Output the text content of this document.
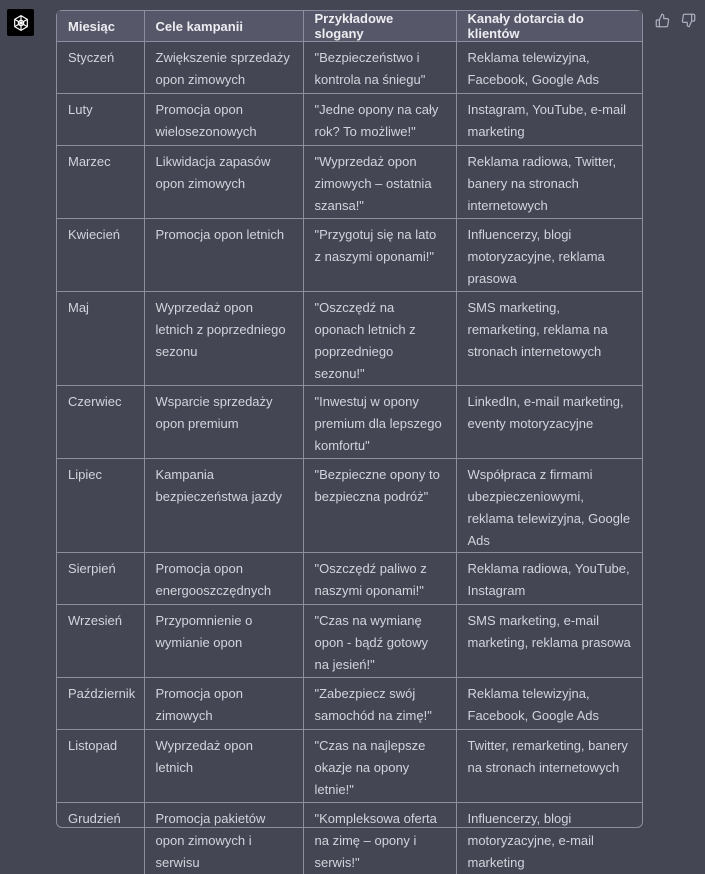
Miesiąc	Cele kampanii	Przykładowe slogany	Kanały dotarcia do klientów
Styczeń	Zwiększenie sprzedaży opon zimowych	"Bezpieczeństwo i kontrola na śniegu"	Reklama telewizyjna, Facebook, Google Ads
Luty	Promocja opon wielosezonowych	"Jedne opony na cały rok? To możliwe!"	Instagram, YouTube, e-mail marketing
Marzec	Likwidacja zapasów opon zimowych	"Wyprzedaż opon zimowych – ostatnia szansa!"	Reklama radiowa, Twitter, banery na stronach internetowych
Kwiecień	Promocja opon letnich	"Przygotuj się na lato z naszymi oponami!"	Influencerzy, blogi motoryzacyjne, reklama prasowa
Maj	Wyprzedaż opon letnich z poprzedniego sezonu	"Oszczędź na oponach letnich z poprzedniego sezonu!"	SMS marketing, remarketing, reklama na stronach internetowych
Czerwiec	Wsparcie sprzedaży opon premium	"Inwestuj w opony premium dla lepszego komfortu"	LinkedIn, e-mail marketing, eventy motoryzacyjne
Lipiec	Kampania bezpieczeństwa jazdy	"Bezpieczne opony to bezpieczna podróż"	Współpraca z firmami ubezpieczeniowymi, reklama telewizyjna, Google Ads
Sierpień	Promocja opon energooszczędnych	"Oszczędź paliwo z naszymi oponami!"	Reklama radiowa, YouTube, Instagram
Wrzesień	Przypomnienie o wymianie opon	"Czas na wymianę opon - bądź gotowy na jesień!"	SMS marketing, e-mail marketing, reklama prasowa
Październik	Promocja opon zimowych	"Zabezpiecz swój samochód na zimę!"	Reklama telewizyjna, Facebook, Google Ads
Listopad	Wyprzedaż opon letnich	"Czas na najlepsze okazje na opony letnie!"	Twitter, remarketing, banery na stronach internetowych
Grudzień	Promocja pakietów opon zimowych i serwisu	"Kompleksowa oferta na zimę – opony i serwis!"	Influencerzy, blogi motoryzacyjne, e-mail marketing
